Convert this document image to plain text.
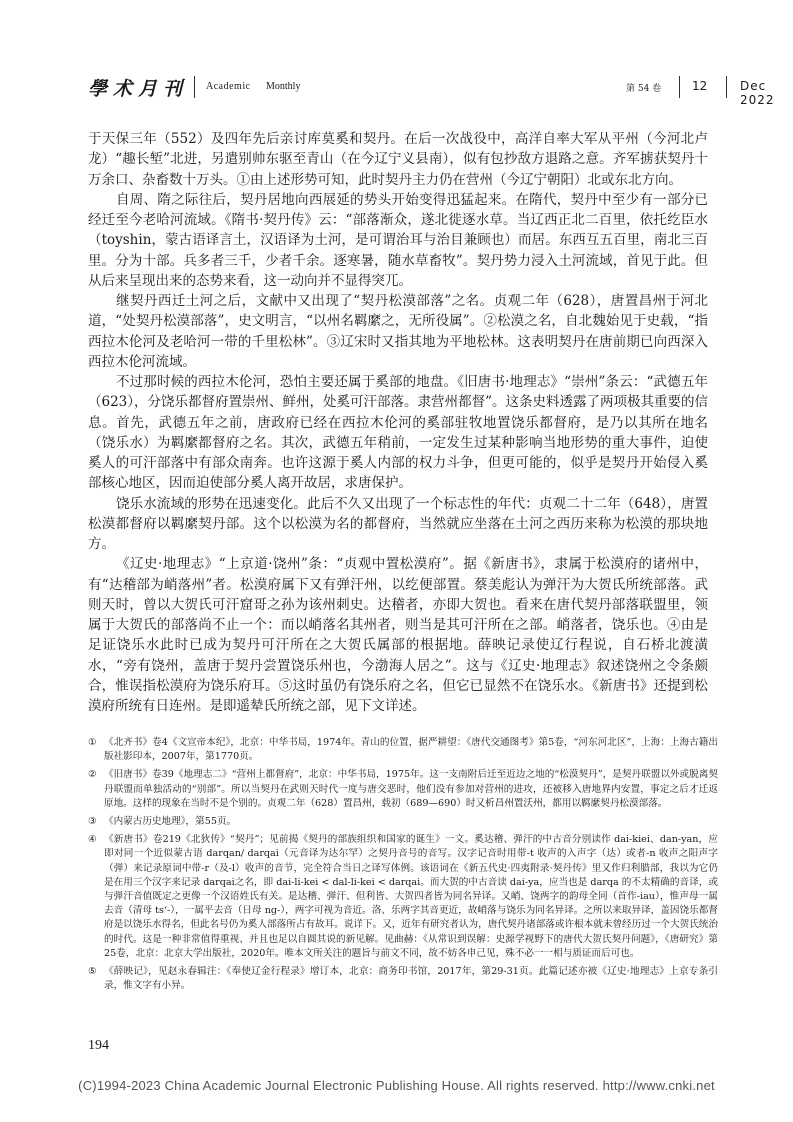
學术月刊 Academic Monthly	第 54 卷	12	Dec 2022

于天保三年（552）及四年先后亲讨库莫奚和契丹。在后一次战役中，高洋自率大军从平州（今河北卢龙）“趣长堑”北进，另遣别帅东驱至青山（在今辽宁义县南），似有包抄敌方退路之意。齐军掳获契丹十万余口、杂畜数十万头。①由上述形势可知，此时契丹主力仍在营州（今辽宁朝阳）北或东北方向。

自周、隋之际往后，契丹居地向西展延的势头开始变得迅猛起来。在隋代，契丹中至少有一部分已经迁至今老哈河流域。《隋书·契丹传》云：“部落渐众，遂北徙逐水草。当辽西正北二百里，依托纥臣水（toyshin，蒙古语译言土，汉语译为土河，是可谓治耳与治目兼顾也）而居。东西互五百里，南北三百里。分为十部。兵多者三千，少者千余。逐寒暑，随水草畜牧”。契丹势力浸入土河流域，首见于此。但从后来呈现出来的态势来看，这一动向并不显得突兀。

继契丹西迁土河之后，文献中又出现了“契丹松漠部落”之名。贞观二年（628），唐置昌州于河北道，“处契丹松漠部落”，史文明言，“以州名羁縻之，无所役属”。②松漠之名，自北魏始见于史载，“指西拉木伦河及老哈河一带的千里松林”。③辽宋时又指其地为平地松林。这表明契丹在唐前期已向西深入西拉木伦河流域。

不过那时候的西拉木伦河，恐怕主要还属于奚部的地盘。《旧唐书·地理志》“崇州”条云：“武德五年（623），分饶乐都督府置崇州、鲜州，处奚可汗部落。隶营州都督”。这条史料透露了两项极其重要的信息。首先，武德五年之前，唐政府已经在西拉木伦河的奚部驻牧地置饶乐都督府，是乃以其所在地名（饶乐水）为羁縻都督府之名。其次，武德五年稍前，一定发生过某种影响当地形势的重大事件，迫使奚人的可汗部落中有部众南奔。也许这源于奚人内部的权力斗争，但更可能的，似乎是契丹开始侵入奚部核心地区，因而迫使部分奚人离开故居，求唐保护。

饶乐水流域的形势在迅速变化。此后不久又出现了一个标志性的年代：贞观二十二年（648），唐置松漠都督府以羁縻契丹部。这个以松漠为名的都督府，当然就应坐落在土河之西历来称为松漠的那块地方。

《辽史·地理志》“上京道·饶州”条：“贞观中置松漠府”。据《新唐书》，隶属于松漠府的诸州中，有“达稽部为峭落州”者。松漠府属下又有弹汗州，以纥便部置。蔡美彪认为弹汗为大贺氏所统部落。武则天时，曾以大贺氏可汗窟哥之孙为该州刺史。达稽者，亦即大贺也。看来在唐代契丹部落联盟里，领属于大贺氏的部落尚不止一个：而以峭落名其州者，则当是其可汗所在之部。峭落者，饶乐也。④由是足证饶乐水此时已成为契丹可汗所在之大贺氏属部的根据地。薛映记录使辽行程说，自石桥北渡潢水，“旁有饶州，盖唐于契丹尝置饶乐州也，今渤海人居之”。这与《辽史·地理志》叙述饶州之令条颇合，惟误指松漠府为饶乐府耳。⑤这时虽仍有饶乐府之名，但它已显然不在饶乐水。《新唐书》还提到松漠府所统有日连州。是即遥辇氏所统之部，见下文详述。

① 《北齐书》卷4《文宣帝本纪》，北京：中华书局，1974年。青山的位置，据严耕望：《唐代交通图考》第5卷，“河东河北区”，上海：上海古籍出版社影印本，2007年，第1770页。
② 《旧唐书》卷39《地理志二》“营州上都督府”，北京：中华书局，1975年。这一支南附后迁至近边之地的“松漠契丹”，是契丹联盟以外或脱离契丹联盟而单独活动的“别部”。所以当契丹在武则天时代一度与唐交恶时，他们没有参加对营州的进攻，还被移入唐地界内安置，事定之后才迁返原地。这样的现象在当时不是个别的。贞观二年（628）置昌州，载初（689—690）时又析昌州置沃州，都用以羁縻契丹松漠部落。
③ 《内蒙古历史地理》，第55页。
④ 《新唐书》卷219《北狄传》“契丹”；见前揭《契丹的部族组织和国家的诞生》一文。奚达稽、弹汗的中古音分别读作 dai-kiei、dan-yan，应即对同一个近似蒙古语 darqan/ darqai（元音译为达尔罕）之契丹音号的音写。汉字记音时用带-t 收声的入声字（达）或者-n 收声之阳声字（弹）来记录原词中带-r（及-l）收声的音节，完全符合当日之译写体例。该语词在《新五代史·四夷附录·契丹传》里又作归利腊部，我以为它仍是在用三个汉字来记录 darqai之名，即 dai-li-kei < dal-li-kei < darqai。而大贺的中古音读 dai-ya，应当也是 darqa 的不太精确的音译，或与弹汗音值既定之更像一个汉语姓氏有关。是达稽、弹汗、但利皆、大贺四者皆为同名异译。又峭、饶两字的韵母全同（首作-iau），惟声母一属去音（清母 ts‘-），一属平去音（日母 ng-），两字可视为音近。洛、乐两字其音更近，故峭落与饶乐为同名异译。之所以来取异译，盖因饶乐都督府是以饶乐水得名，但此名号仍为奚人部落所占有故耳。说详下。又，近年有研究者认为，唐代契丹诸部落或许根本就未曾经历过一个大贺氏统治的时代。这是一种非常值得重视、并且也足以自圆其说的新见解。见曲赫：《从常识到误解：史源学视野下的唐代大贺氏契丹问题》，《唐研究》第25卷，北京：北京大学出版社，2020年。唯本文所关注的题旨与前文不同，故不妨各申己见，殊不必一一相与质证而后可也。
⑤ 《薛映记》，见赵永春辑注：《奉使辽金行程录》增订本，北京：商务印书馆，2017年，第29-31页。此篇记述亦被《辽史·地理志》上京专条引录，惟文字有小异。
194
(C)1994-2023 China Academic Journal Electronic Publishing House. All rights reserved. http://www.cnki.net
